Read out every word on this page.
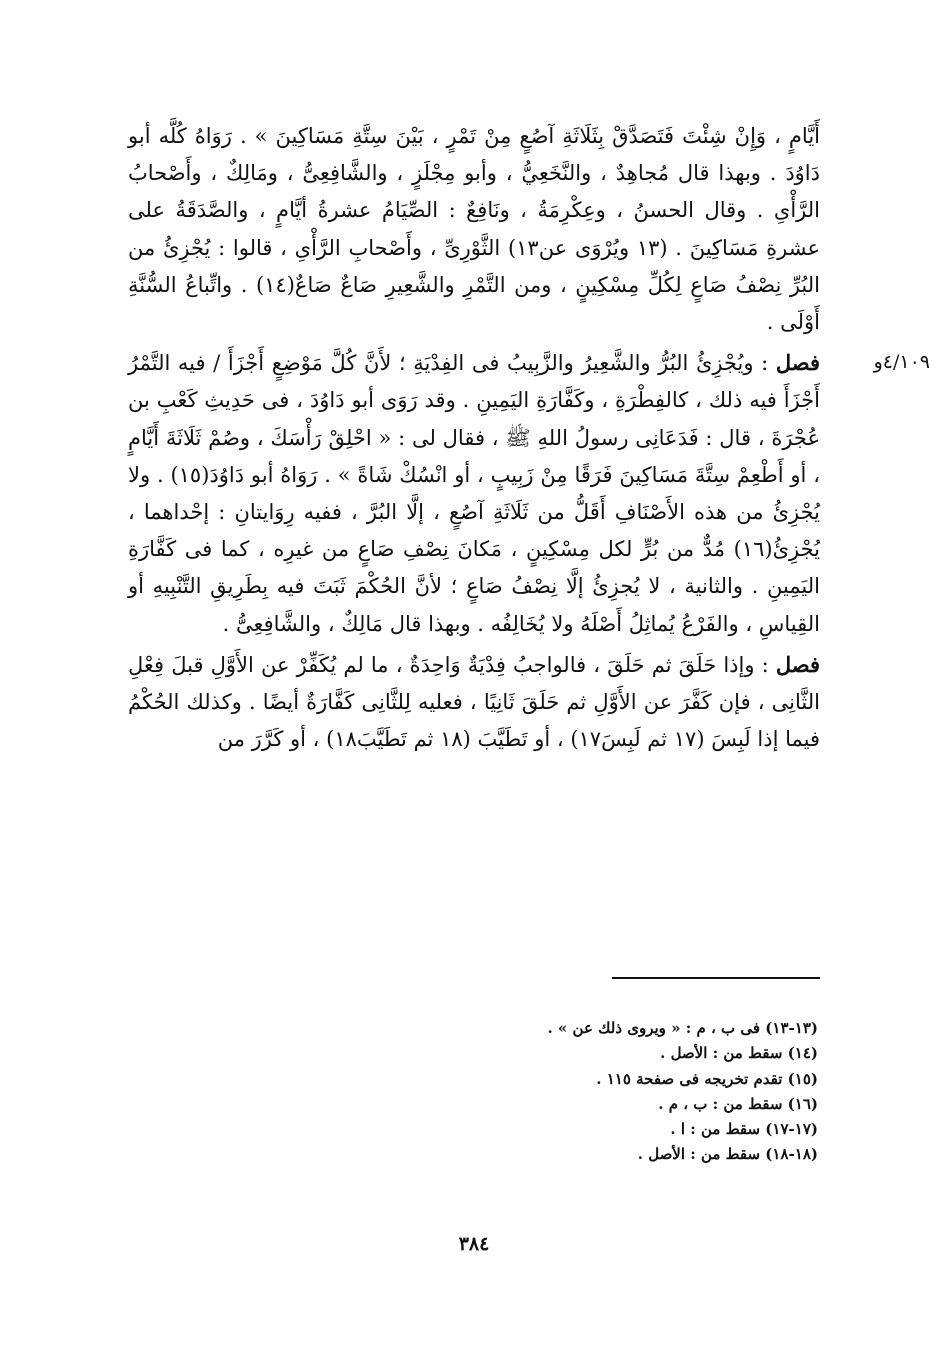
أَيَّامٍ ، وَإِنْ شِئْتَ فَتَصَدَّقْ بِثَلَاثَةِ آصُعٍ مِنْ تَمْرٍ ، بَيْنَ سِتَّةِ مَسَاكِينَ » . رَوَاهُ كُلَّه أبو دَاوُدَ . وبهذا قال مُجاهِدٌ ، والنَّخَعِيُّ ، وأبو مِجْلَزٍ ، والشَّافِعِىُّ ، ومَالِكٌ ، وأَصْحابُ الرَّأْىِ . وقال الحسنُ ، وعِكْرِمَةُ ، ونَافِعٌ : الصِّيَامُ عشرةُ أيَّامٍ ، والصَّدَقَةُ على عشرةِ مَسَاكِينَ . (١٣ ويُرْوَى عن١٣) الثَّوْرِىِّ ، وأَصْحابِ الرَّأْىِ ، قالوا : يُجْزِئُ من البُرِّ نِصْفُ صَاعٍ لِكُلِّ مِسْكِينٍ ، ومن التَّمْرِ والشَّعِيرِ صَاعٌ صَاعٌ(١٤) . واتِّباعُ السُّنَّةِ أَوْلَى .

٤/١٠٩و
فصل : ويُجْزِئُ البُرُّ والشَّعِيرُ والزَّبِيبُ فى الفِدْيَةِ ؛ لأَنَّ كُلَّ مَوْضِعٍ أَجْزَأَ / فيه التَّمْرُ أَجْزَأَ فيه ذلك ، كالفِطْرَةِ ، وكَفَّارَةِ اليَمِينِ . وقد رَوَى أبو دَاوُدَ ، فى حَدِيثِ كَعْبِ بن عُجْرَةَ ، قال : فَدَعَانِى رسولُ اللهِ ﷺ ، فقال لى : « احْلِقْ رَأْسَكَ ، وصُمْ ثَلَاثَةَ أَيَّامٍ ، أو أَطْعِمْ سِتَّةَ مَسَاكِينَ فَرَقًا مِنْ زَبِيبٍ ، أو انْسُكْ شَاةً » . رَوَاهُ أبو دَاوُدَ(١٥) . ولا يُجْزِئُ من هذه الأَصْنَافِ أَقَلُّ من ثَلَاثَةِ آصُعٍ ، إلَّا البُرَّ ، ففيه رِوَايتانِ : إحْداهما ، يُجْزِئُ(١٦) مُدٌّ من بُرٍّ لكل مِسْكِينٍ ، مَكانَ نِصْفِ صَاعٍ من غيرِه ، كما فى كَفَّارَةِ اليَمِينِ . والثانية ، لا يُجزِئُ إلَّا نِصْفُ صَاعٍ ؛ لأنَّ الحُكْمَ ثَبَتَ فيه بِطَرِيقِ التَّنْبِيهِ أو القِياسِ ، والفَرْعُ يُماثِلُ أَصْلَهُ ولا يُخَالِفُه . وبهذا قال مَالِكٌ ، والشَّافِعِىُّ .
فصل : وإذا حَلَقَ ثم حَلَقَ ، فالواجبُ فِدْيَةٌ وَاحِدَةٌ ، ما لم يُكَفِّرْ عن الأَوَّلِ قبلَ فِعْلِ الثَّانِى ، فإن كَفَّرَ عن الأَوَّلِ ثم حَلَقَ ثَانِيًا ، فعليه لِلثَّانِى كَفَّارَةٌ أيضًا . وكذلك الحُكْمُ فيما إذا لَبِسَ (١٧ ثم لَبِسَ١٧) ، أو تَطَيَّبَ (١٨ ثم تَطَيَّبَ١٨) ، أو كَرَّرَ من

(١٣-١٣) فى ب ، م : « ويروى ذلك عن » .

(١٤) سقط من : الأصل .

(١٥) تقدم تخريجه فى صفحة ١١٥ .

(١٦) سقط من : ب ، م .

(١٧-١٧) سقط من : ا .

(١٨-١٨) سقط من : الأصل .

٣٨٤
